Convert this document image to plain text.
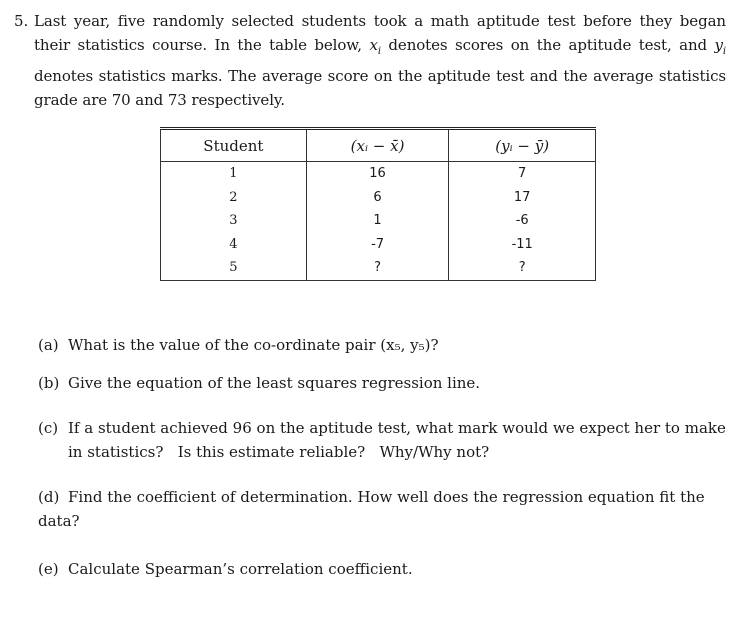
5. Last year, five randomly selected students took a math aptitude test before they began their statistics course. In the table below, $x_i$ denotes scores on the aptitude test, and $y_i$ denotes statistics marks. The average score on the aptitude test and the average statistics grade are 70 and 73 respectively.
Student	(xᵢ − x̄)	(yᵢ − ȳ)
1	16	7
2	6	17
3	1	-6
4	-7	-11
5	?	?
(a) What is the value of the co-ordinate pair (x₅, y₅)?
(b) Give the equation of the least squares regression line.
(c) If a student achieved 96 on the aptitude test, what mark would we expect her to make
in statistics?   Is this estimate reliable?   Why/Why not?
(d) Find the coefficient of determination. How well does the regression equation fit the data?
(e) Calculate Spearman’s correlation coefficient.
